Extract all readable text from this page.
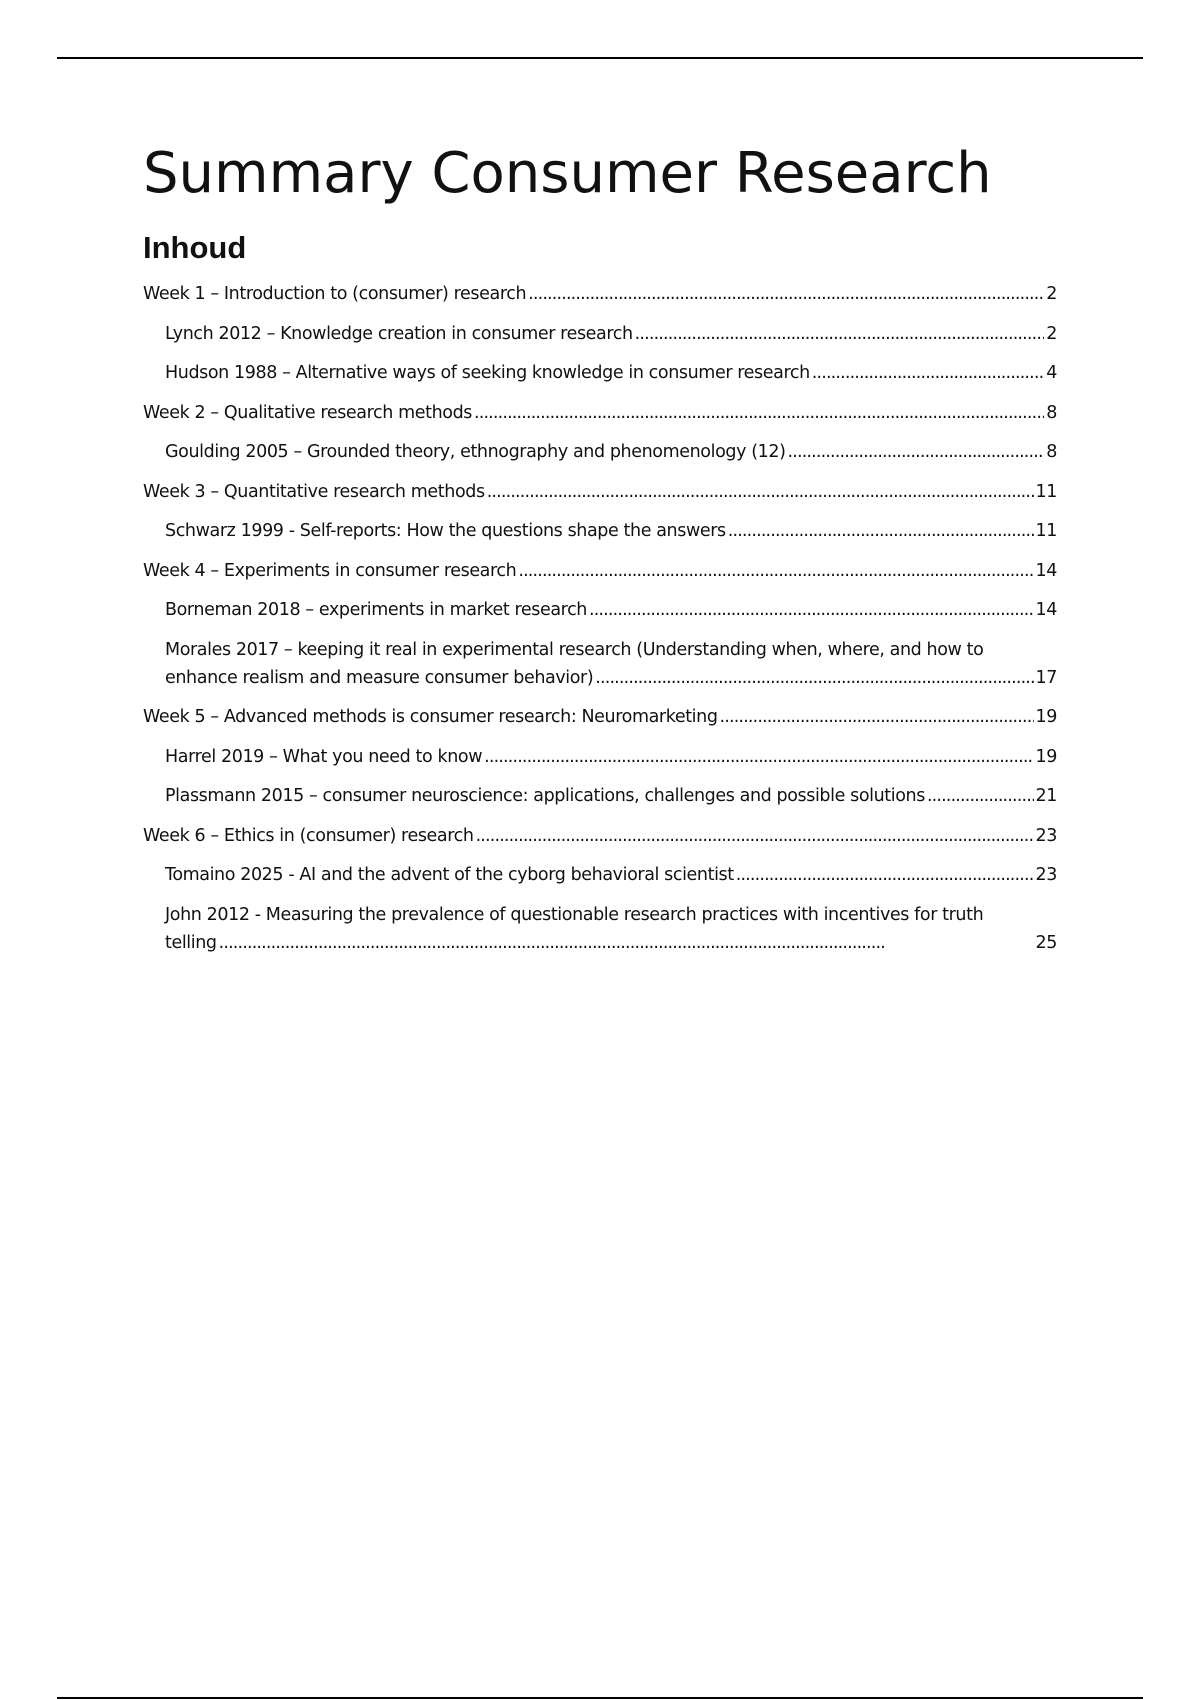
Summary Consumer Research
Inhoud
Week 1 – Introduction to (consumer) research . . .	2
Lynch 2012 – Knowledge creation in consumer research . . .	2
Hudson 1988 – Alternative ways of seeking knowledge in consumer research . . .	4
Week 2 – Qualitative research methods . . .	8
Goulding 2005 – Grounded theory, ethnography and phenomenology (12) . . .	8
Week 3 – Quantitative research methods . . .	11
Schwarz 1999 - Self-reports: How the questions shape the answers . . .	11
Week 4 – Experiments in consumer research . . .	14
Borneman 2018 – experiments in market research . . .	14
Morales 2017 – keeping it real in experimental research (Understanding when, where, and how to
enhance realism and measure consumer behavior) . . .	17
Week 5 – Advanced methods is consumer research: Neuromarketing . . .	19
Harrel 2019 – What you need to know . . .	19
Plassmann 2015 – consumer neuroscience: applications, challenges and possible solutions . . .	21
Week 6 – Ethics in (consumer) research . . .	23
Tomaino 2025 - AI and the advent of the cyborg behavioral scientist . . .	23
John 2012 - Measuring the prevalence of questionable research practices with incentives for truth
telling . . .	25
